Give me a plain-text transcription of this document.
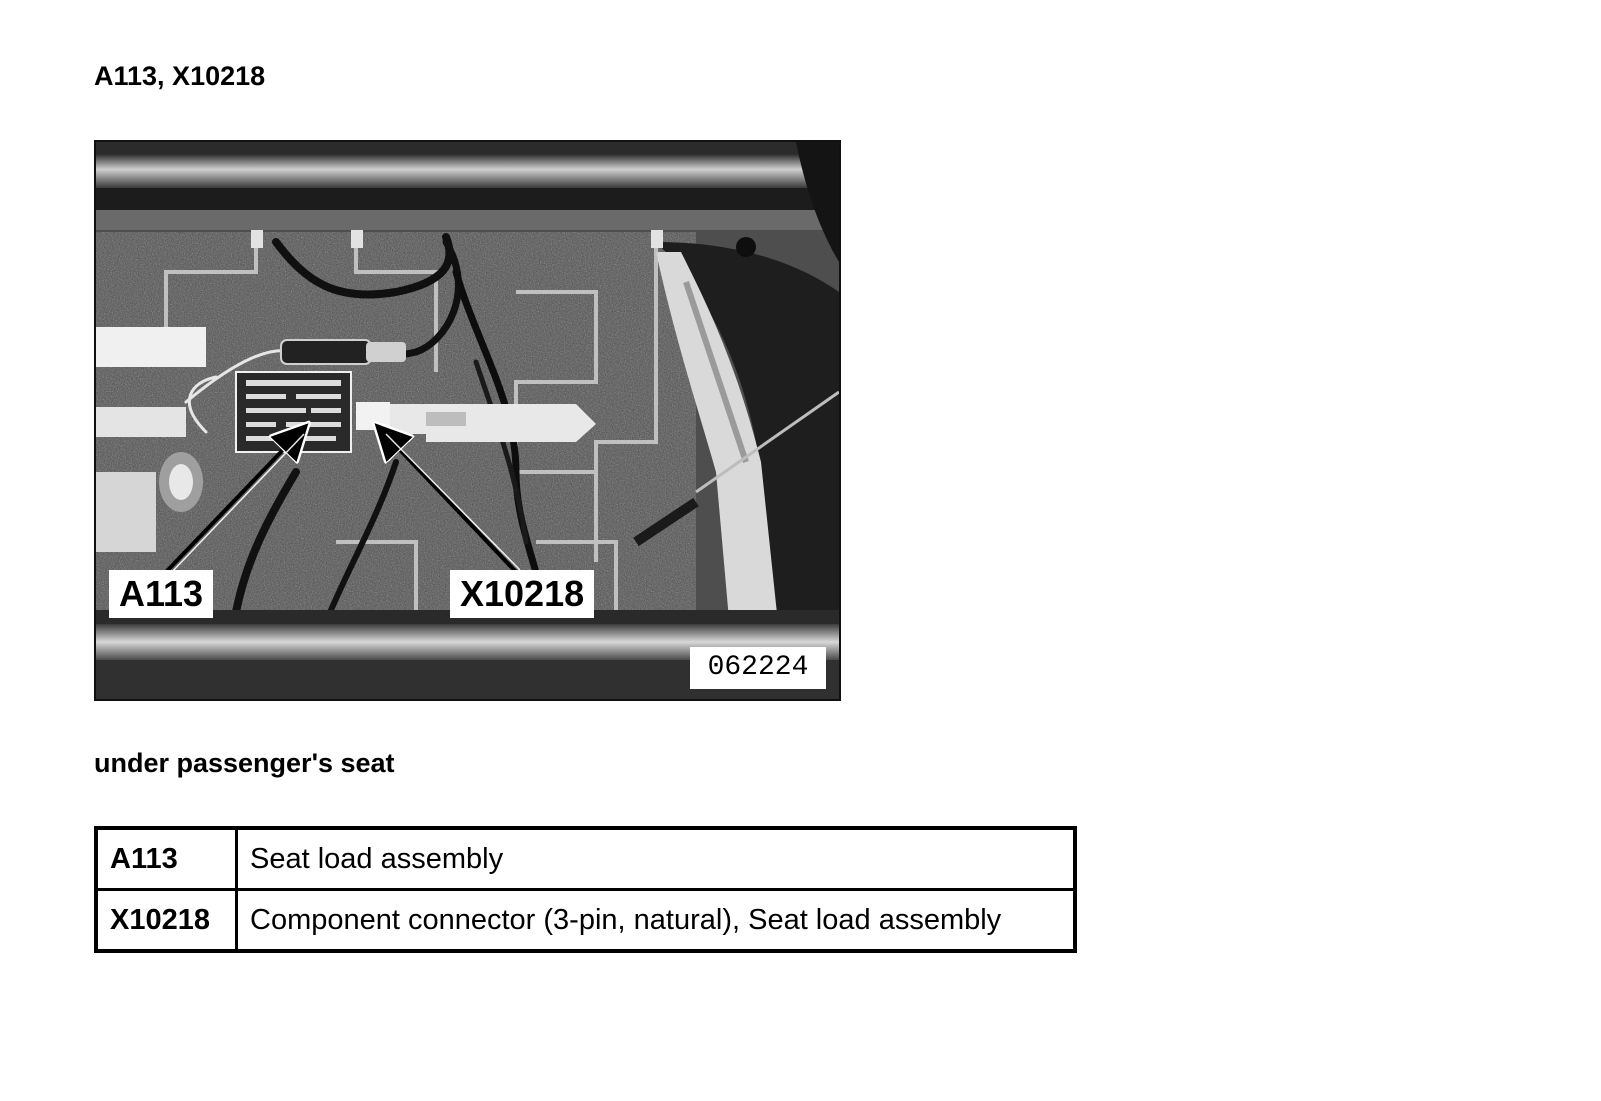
A113, X10218
A113	X10218
062224
under passenger's seat
A113	Seat load assembly
X10218	Component connector (3-pin, natural), Seat load assembly
